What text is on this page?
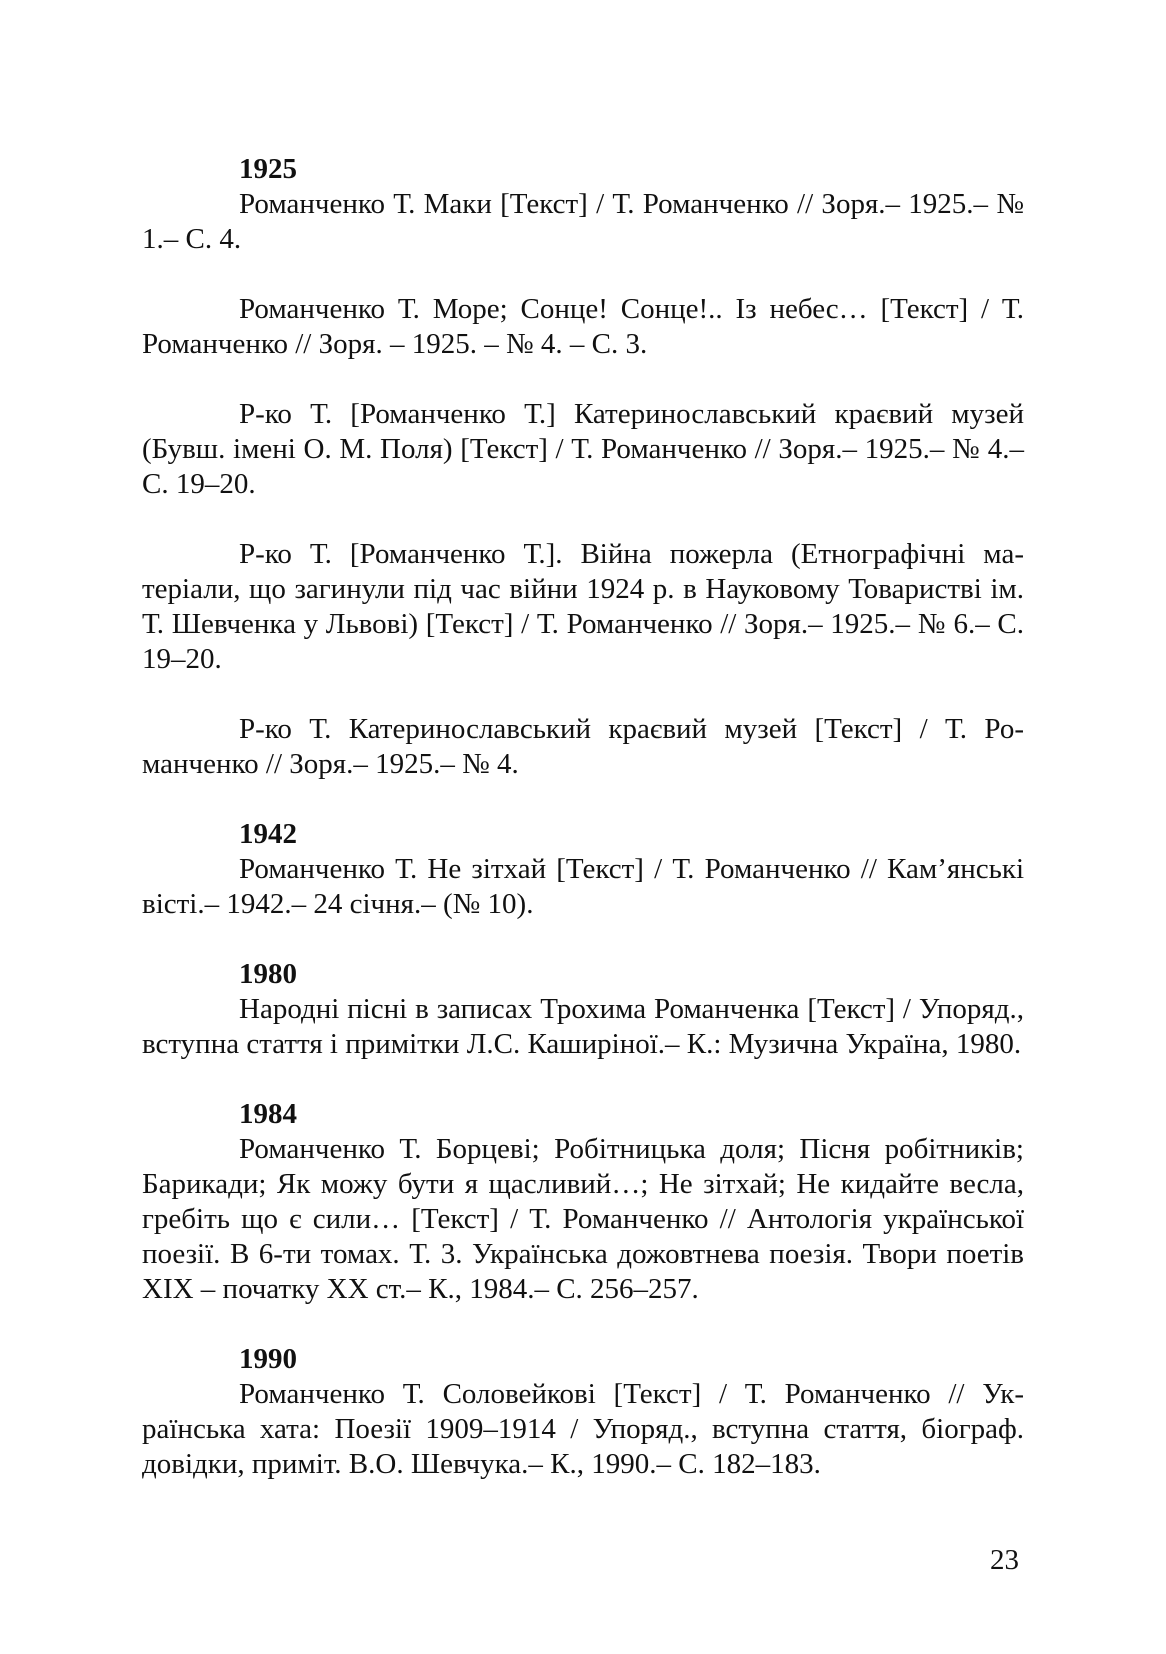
1925

Романченко Т. Маки [Текст] / Т. Романченко // Зоря.– 1925.– № 1.– С. 4.

Романченко Т. Море; Сонце! Сонце!.. Із небес… [Текст] / Т. Романченко // Зоря. – 1925. – № 4. – С. 3.

Р-ко Т. [Романченко Т.] Катеринославський краєвий музей (Бувш. імені О. М. Поля) [Текст] / Т. Романченко // Зоря.– 1925.– № 4.– С. 19–20.

Р-ко Т. [Романченко Т.]. Війна пожерла (Етнографічні матеріали, що загинули під час війни 1924 р. в Науковому Товаристві ім. Т. Шевченка у Львові) [Текст] / Т. Романченко // Зоря.– 1925.– № 6.– С. 19–20.

Р-ко Т. Катеринославський краєвий музей [Текст] / Т. Романченко // Зоря.– 1925.– № 4.

1942

Романченко Т. Не зітхай [Текст] / Т. Романченко // Кам’янські вісті.– 1942.– 24 січня.– (№ 10).

1980

Народні пісні в записах Трохима Романченка [Текст] / Упоряд., вступна стаття і примітки Л.С. Каширіної.– К.: Музична Україна, 1980.

1984

Романченко Т. Борцеві; Робітницька доля; Пісня робітників; Барикади; Як можу бути я щасливий…; Не зітхай; Не кидайте весла, гребіть що є сили… [Текст] / Т. Романченко // Антологія української поезії. В 6-ти томах. Т. 3. Українська дожовтнева поезія. Твори поетів XIX – початку XX ст.– К., 1984.– С. 256–257.

1990

Романченко Т. Соловейкові [Текст] / Т. Романченко // Українська хата: Поезії 1909–1914 / Упоряд., вступна стаття, біограф. довідки, приміт. В.О. Шевчука.– К., 1990.– С. 182–183.

23
